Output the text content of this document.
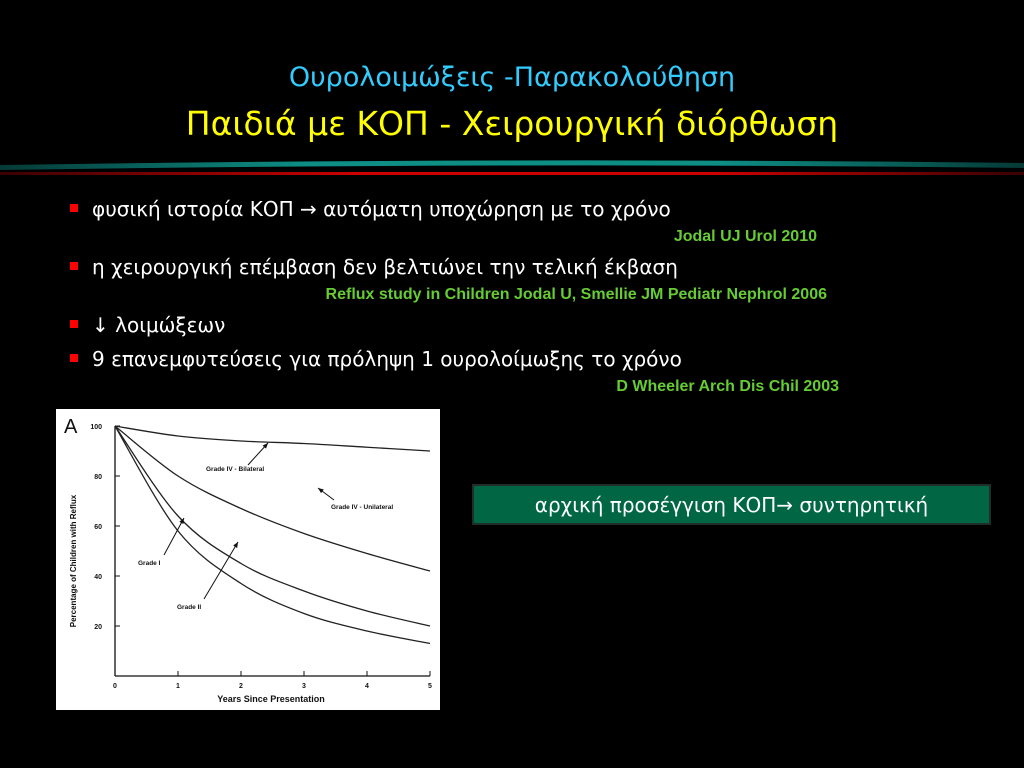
Ουρολοιμώξεις -Παρακολούθηση
Παιδιά με ΚΟΠ - Χειρουργική διόρθωση
φυσική ιστορία ΚΟΠ → αυτόματη υποχώρηση με το χρόνο
Jodal UJ Urol 2010
η χειρουργική επέμβαση δεν βελτιώνει την τελική έκβαση
Reflux study in Children Jodal U, Smellie JM Pediatr Nephrol 2006
↓ λοιμώξεων
9 επανεμφυτεύσεις για πρόληψη 1 ουρολοίμωξης το χρόνο
D Wheeler Arch Dis Chil 2003
A
Percentage of Children with Reflux
Years Since Presentation
20
40
60
80
100
0	1	2	3	4	5
Grade IV - Bilateral
Grade IV - Unilateral
Grade I
Grade II
αρχική προσέγγιση ΚΟΠ→ συντηρητική
